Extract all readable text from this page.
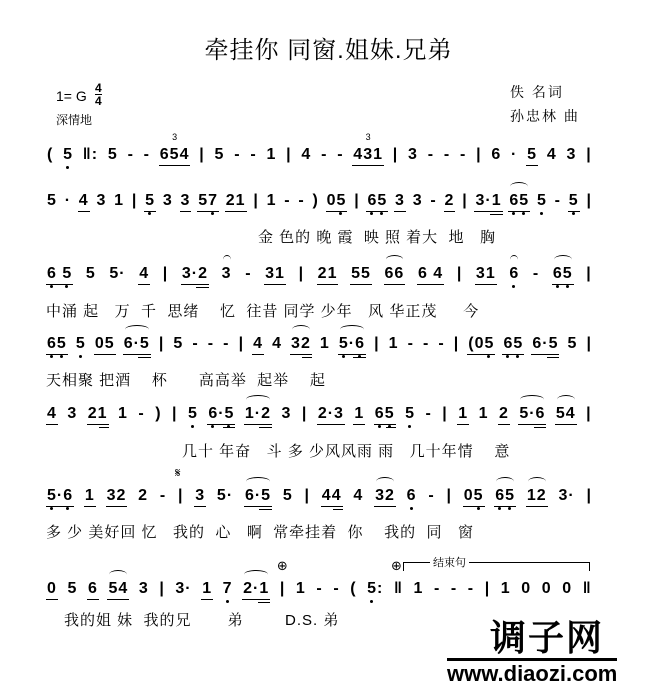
牵挂你 同窗.姐妹.兄弟
1= G 4
4
深情地
佚 名词
孙忠林 曲
( 5 ‖: 5 - - 654
3
| 5 - - 1 | 4 - - 431
3
| 3 - - - | 6 · 5 4 3 |
5 · 4 3 1 | 5 3 3 57 21 | 1 - - ) 05 | 65 3 3 - 2 | 3·1 65 5 - 5 |
金 色的 晚 霞  映 照 着大  地   胸
6 5 5 5· 4 | 3·2 3 - 31 | 21 55 66 6 4 | 31 6 - 65 |
中涌 起   万  千  思绪    忆  往昔 同学 少年   风 华正茂     今
65 5 05 6·5 | 5 - - - | 4 4 32 1 5·6 | 1 - - - | (05 65 6·5 5 |
天相聚 把酒    杯      高高举  起举    起
4 3 21 1 - ) | 5 6·5 1·2 3 | 2·3 1 65 5 - | 1 1 2 5·6 54 |
几十 年奋   斗 多 少风风雨 雨   几十年情    意
5·6 1 32 2 - |
𝄋
3 5· 6·5 5 | 44 4 32 6 - | 05 65 12 3· |
多 少 美好回 忆   我的  心   啊  常牵挂着  你    我的  同   窗
0 5 6 54 3 | 3· 1 7 2·1 |
⊕
1 - - ( 5: ‖
⊕
1 - - - | 1 0 0 0 ‖
我的姐 妹  我的兄       弟        D.S. 弟
结束句
调子网
www.diaozi.com
